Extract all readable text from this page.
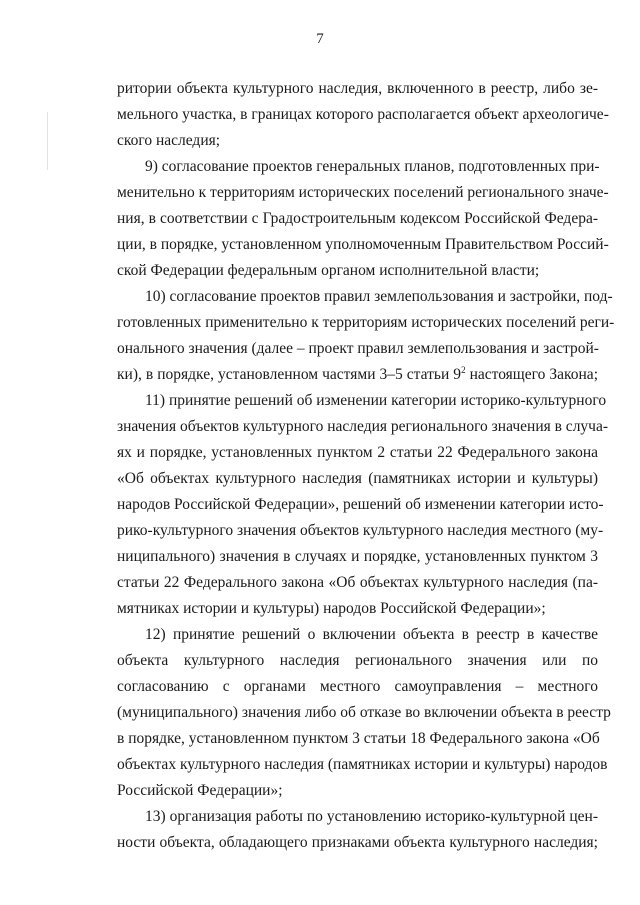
7
ритории объекта культурного наследия, включенного в реестр, либо зе-
мельного участка, в границах которого располагается объект археологиче-
ского наследия;
9) согласование проектов генеральных планов, подготовленных при-
менительно к территориям исторических поселений регионального значе-
ния, в соответствии с Градостроительным кодексом Российской Федера-
ции, в порядке, установленном уполномоченным Правительством Россий-
ской Федерации федеральным органом исполнительной власти;
10) согласование проектов правил землепользования и застройки, под-
готовленных применительно к территориям исторических поселений реги-
онального значения (далее – проект правил землепользования и застрой-
ки), в порядке, установленном частями 3–5 статьи $9^2$ настоящего Закона;
11) принятие решений об изменении категории историко-культурного
значения объектов культурного наследия регионального значения в случа-
ях и порядке, установленных пунктом 2 статьи 22 Федерального закона
«Об объектах культурного наследия (памятниках истории и культуры)
народов Российской Федерации», решений об изменении категории исто-
рико-культурного значения объектов культурного наследия местного (му-
ниципального) значения в случаях и порядке, установленных пунктом 3
статьи 22 Федерального закона «Об объектах культурного наследия (па-
мятниках истории и культуры) народов Российской Федерации»;
12) принятие решений о включении объекта в реестр в качестве
объекта культурного наследия регионального значения или по
согласованию с органами местного самоуправления – местного
(муниципального) значения либо об отказе во включении объекта в реестр
в порядке, установленном пунктом 3 статьи 18 Федерального закона «Об
объектах культурного наследия (памятниках истории и культуры) народов
Российской Федерации»;
13) организация работы по установлению историко-культурной цен-
ности объекта, обладающего признаками объекта культурного наследия;
